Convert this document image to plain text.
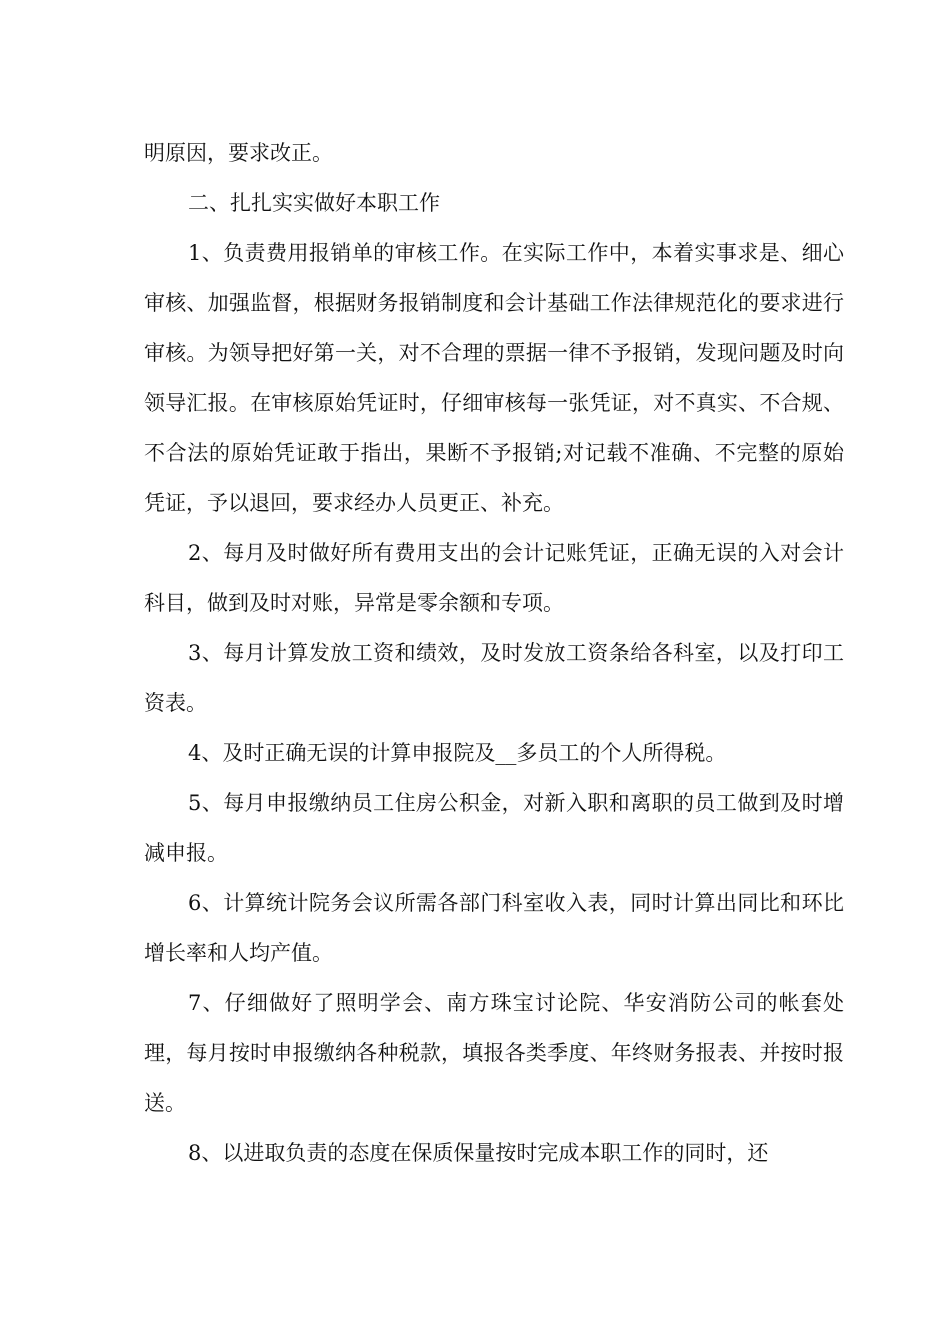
明原因，要求改正。

二、扎扎实实做好本职工作

1、负责费用报销单的审核工作。在实际工作中，本着实事求是、细心审核、加强监督，根据财务报销制度和会计基础工作法律规范化的要求进行审核。为领导把好第一关，对不合理的票据一律不予报销，发现问题及时向领导汇报。在审核原始凭证时，仔细审核每一张凭证，对不真实、不合规、不合法的原始凭证敢于指出，果断不予报销;对记载不准确、不完整的原始凭证，予以退回，要求经办人员更正、补充。

2、每月及时做好所有费用支出的会计记账凭证，正确无误的入对会计科目，做到及时对账，异常是零余额和专项。

3、每月计算发放工资和绩效，及时发放工资条给各科室，以及打印工资表。

4、及时正确无误的计算申报院及__多员工的个人所得税。

5、每月申报缴纳员工住房公积金，对新入职和离职的员工做到及时增减申报。

6、计算统计院务会议所需各部门科室收入表，同时计算出同比和环比增长率和人均产值。

7、仔细做好了照明学会、南方珠宝讨论院、华安消防公司的帐套处理，每月按时申报缴纳各种税款，填报各类季度、年终财务报表、并按时报送。

8、以进取负责的态度在保质保量按时完成本职工作的同时，还
